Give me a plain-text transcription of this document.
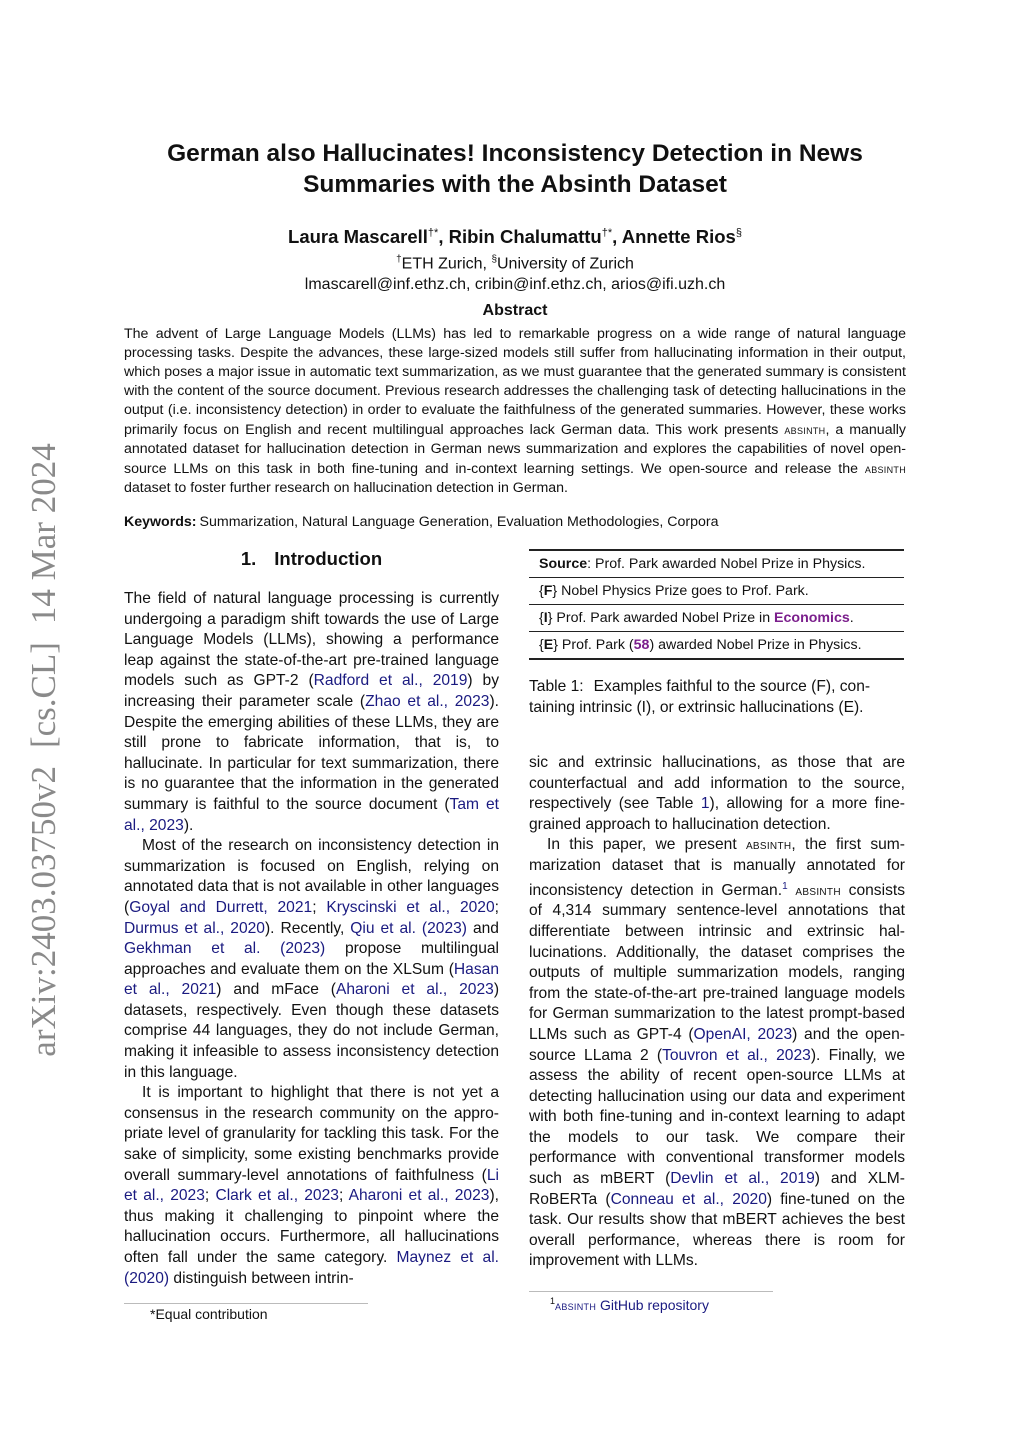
arXiv:2403.03750v2[cs.CL]14 Mar 2024
German also Hallucinates! Inconsistency Detection in News
Summaries with the Absinth Dataset
Laura Mascarell†*, Ribin Chalumattu†*, Annette Rios§
†ETH Zurich, §University of Zurich
lmascarell@inf.ethz.ch, cribin@inf.ethz.ch, arios@ifi.uzh.ch
Abstract
The advent of Large Language Models (LLMs) has led to remarkable progress on a wide range of natural language processing tasks. Despite the advances, these large-sized models still suffer from hallucinating information in their output, which poses a major issue in automatic text summarization, as we must guarantee that the generated summary is consistent with the content of the source document. Previous research addresses the challenging task of detecting hallucinations in the output (i.e. inconsistency detection) in order to evaluate the faithfulness of the generated summaries. However, these works primarily focus on English and recent multilingual approaches lack German data. This work presents absinth, a manually annotated dataset for hallucination detection in German news summarization and explores the capabilities of novel open-source LLMs on this task in both fine-tuning and in-context learning settings. We open-source and release the absinth dataset to foster further research on hallucination detection in German.
Keywords: Summarization, Natural Language Generation, Evaluation Methodologies, Corpora
1. Introduction

The field of natural language processing is currently undergoing a paradigm shift towards the use of Large Language Models (LLMs), showing a performance leap against the state-of-the-art pre-trained language models such as GPT-2 (Radford et al., 2019) by increasing their parameter scale (Zhao et al., 2023). Despite the emerging abilities of these LLMs, they are still prone to fabricate information, that is, to hallucinate. In particular for text summarization, there is no guarantee that the information in the generated summary is faithful to the source document (Tam et al., 2023).

Most of the research on inconsistency detection in summarization is focused on English, relying on annotated data that is not available in other languages (Goyal and Durrett, 2021; Kryscinski et al., 2020; Durmus et al., 2020). Recently, Qiu et al. (2023) and Gekhman et al. (2023) propose multilingual approaches and evaluate them on the XLSum (Hasan et al., 2021) and mFace (Aharoni et al., 2023) datasets, respectively. Even though these datasets comprise 44 languages, they do not include German, making it infeasible to assess inconsistency detection in this language.

It is important to highlight that there is not yet a consensus in the research community on the appropriate level of granularity for tackling this task. For the sake of simplicity, some existing benchmarks provide overall summary-level annotations of faithfulness (Li et al., 2023; Clark et al., 2023; Aharoni et al., 2023), thus making it challenging to pinpoint where the hallucination occurs. Furthermore, all hallucinations often fall under the same category. Maynez et al. (2020) distinguish between intrin-

Source: Prof. Park awarded Nobel Prize in Physics.
{F} Nobel Physics Prize goes to Prof. Park.
{I} Prof. Park awarded Nobel Prize in Economics.
{E} Prof. Park (58) awarded Nobel Prize in Physics.
Table 1: Examples faithful to the source (F), containing intrinsic (I), or extrinsic hallucinations (E).

sic and extrinsic hallucinations, as those that are counterfactual and add information to the source, respectively (see Table 1), allowing for a more fine-grained approach to hallucination detection.

In this paper, we present absinth, the first summarization dataset that is manually annotated for inconsistency detection in German.$^1$ absinth consists of 4,314 summary sentence-level annotations that differentiate between intrinsic and extrinsic hallucinations. Additionally, the dataset comprises the outputs of multiple summarization models, ranging from the state-of-the-art pre-trained language models for German summarization to the latest prompt-based LLMs such as GPT-4 (OpenAI, 2023) and the open-source LLama 2 (Touvron et al., 2023). Finally, we assess the ability of recent open-source LLMs at detecting hallucination using our data and experiment with both fine-tuning and in-context learning to adapt the models to our task. We compare their performance with conventional transformer models such as mBERT (Devlin et al., 2019) and XLM-RoBERTa (Conneau et al., 2020) fine-tuned on the task. Our results show that mBERT achieves the best overall performance, whereas there is room for improvement with LLMs.

*Equal contribution
$^1$absinth GitHub repository
